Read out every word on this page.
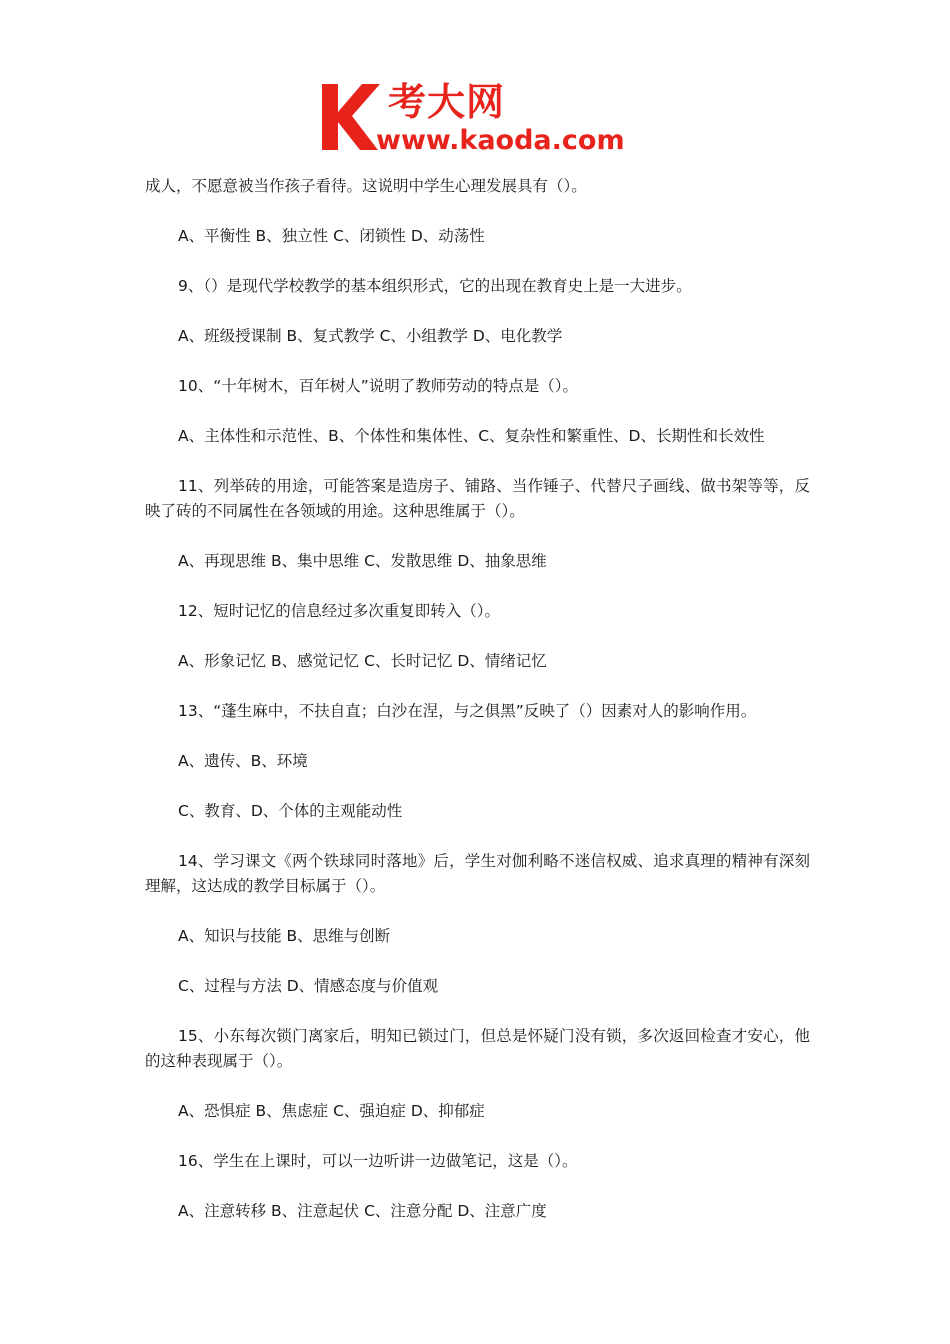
考大网
www.kaoda.com

成人，不愿意被当作孩子看待。这说明中学生心理发展具有（）。

A、平衡性 B、独立性 C、闭锁性 D、动荡性

9、（）是现代学校教学的基本组织形式，它的出现在教育史上是一大进步。

A、班级授课制 B、复式教学 C、小组教学 D、电化教学

10、“十年树木，百年树人”说明了教师劳动的特点是（）。

A、主体性和示范性、B、个体性和集体性、C、复杂性和繁重性、D、长期性和长效性

11、列举砖的用途，可能答案是造房子、铺路、当作锤子、代替尺子画线、做书架等等，反映了砖的不同属性在各领域的用途。这种思维属于（）。

A、再现思维 B、集中思维 C、发散思维 D、抽象思维

12、短时记忆的信息经过多次重复即转入（）。

A、形象记忆 B、感觉记忆 C、长时记忆 D、情绪记忆

13、“蓬生麻中，不扶自直；白沙在涅，与之俱黑”反映了（）因素对人的影响作用。

A、遗传、B、环境

C、教育、D、个体的主观能动性

14、学习课文《两个铁球同时落地》后，学生对伽利略不迷信权威、追求真理的精神有深刻理解，这达成的教学目标属于（）。

A、知识与技能 B、思维与创断

C、过程与方法 D、情感态度与价值观

15、小东每次锁门离家后，明知已锁过门，但总是怀疑门没有锁，多次返回检查才安心，他的这种表现属于（）。

A、恐惧症 B、焦虑症 C、强迫症 D、抑郁症

16、学生在上课时，可以一边听讲一边做笔记，这是（）。

A、注意转移 B、注意起伏 C、注意分配 D、注意广度
